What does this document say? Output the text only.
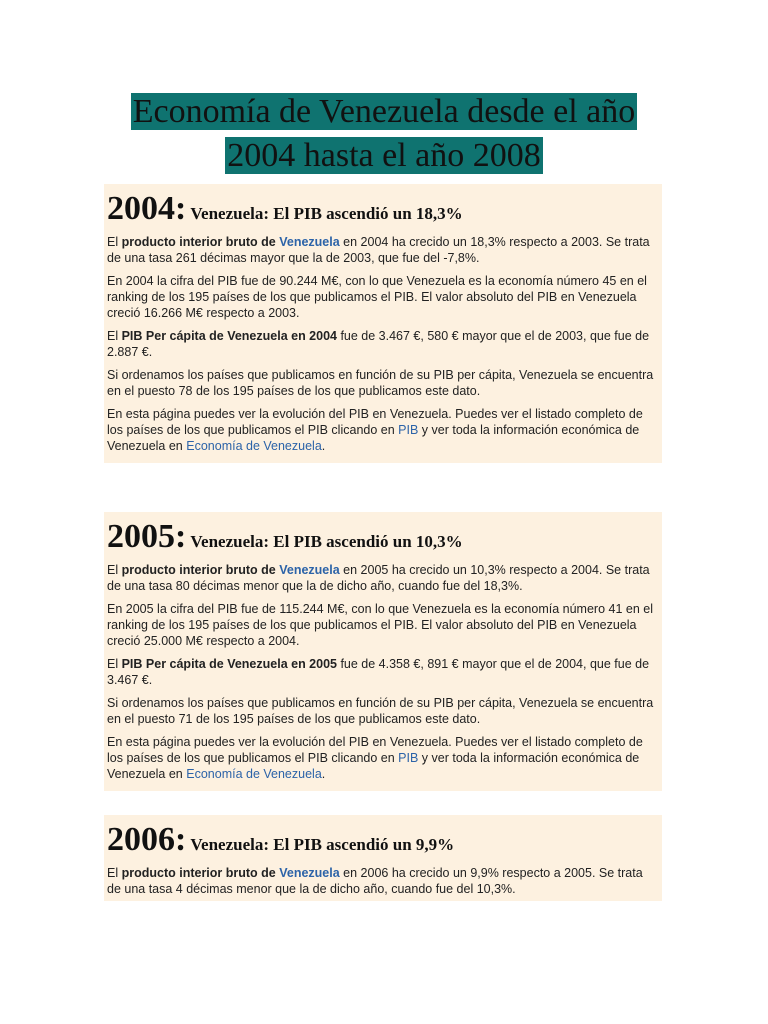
Economía de Venezuela desde el año
2004 hasta el año 2008
2004: Venezuela: El PIB ascendió un 18,3%

El producto interior bruto de Venezuela en 2004 ha crecido un 18,3% respecto a 2003. Se trata de una tasa 261 décimas mayor que la de 2003, que fue del -7,8%.

En 2004 la cifra del PIB fue de 90.244 M€, con lo que Venezuela es la economía número 45 en el ranking de los 195 países de los que publicamos el PIB. El valor absoluto del PIB en Venezuela creció 16.266 M€ respecto a 2003.

El PIB Per cápita de Venezuela en 2004 fue de 3.467 €, 580 € mayor que el de 2003, que fue de 2.887 €.

Si ordenamos los países que publicamos en función de su PIB per cápita, Venezuela se encuentra en el puesto 78 de los 195 países de los que publicamos este dato.

En esta página puedes ver la evolución del PIB en Venezuela. Puedes ver el listado completo de los países de los que publicamos el PIB clicando en PIB y ver toda la información económica de Venezuela en Economía de Venezuela.

2005: Venezuela: El PIB ascendió un 10,3%

El producto interior bruto de Venezuela en 2005 ha crecido un 10,3% respecto a 2004. Se trata de una tasa 80 décimas menor que la de dicho año, cuando fue del 18,3%.

En 2005 la cifra del PIB fue de 115.244 M€, con lo que Venezuela es la economía número 41 en el ranking de los 195 países de los que publicamos el PIB. El valor absoluto del PIB en Venezuela creció 25.000 M€ respecto a 2004.

El PIB Per cápita de Venezuela en 2005 fue de 4.358 €, 891 € mayor que el de 2004, que fue de 3.467 €.

Si ordenamos los países que publicamos en función de su PIB per cápita, Venezuela se encuentra en el puesto 71 de los 195 países de los que publicamos este dato.

En esta página puedes ver la evolución del PIB en Venezuela. Puedes ver el listado completo de los países de los que publicamos el PIB clicando en PIB y ver toda la información económica de Venezuela en Economía de Venezuela.

2006: Venezuela: El PIB ascendió un 9,9%

El producto interior bruto de Venezuela en 2006 ha crecido un 9,9% respecto a 2005. Se trata de una tasa 4 décimas menor que la de dicho año, cuando fue del 10,3%.
